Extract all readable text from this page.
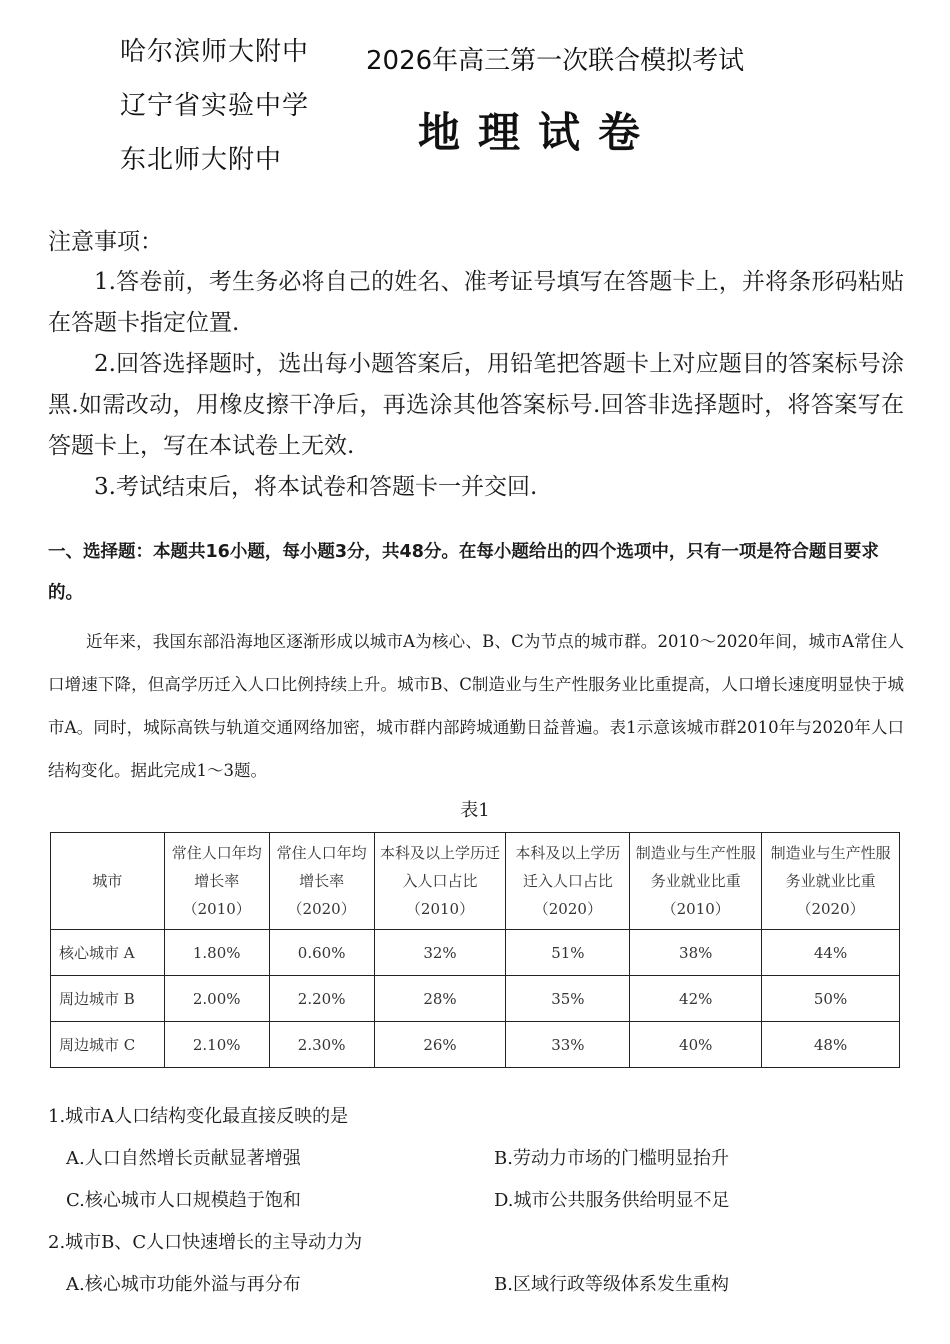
哈尔滨师大附中
辽宁省实验中学
东北师大附中
2026年高三第一次联合模拟考试
地理试卷
注意事项：

1.答卷前，考生务必将自己的姓名、准考证号填写在答题卡上，并将条形码粘贴在答题卡指定位置.

2.回答选择题时，选出每小题答案后，用铅笔把答题卡上对应题目的答案标号涂黑.如需改动，用橡皮擦干净后，再选涂其他答案标号.回答非选择题时，将答案写在答题卡上，写在本试卷上无效.

3.考试结束后，将本试卷和答题卡一并交回.

一、选择题：本题共16小题，每小题3分，共48分。在每小题给出的四个选项中，只有一项是符合题目要求的。

近年来，我国东部沿海地区逐渐形成以城市A为核心、B、C为节点的城市群。2010～2020年间，城市A常住人口增速下降，但高学历迁入人口比例持续上升。城市B、C制造业与生产性服务业比重提高，人口增长速度明显快于城市A。同时，城际高铁与轨道交通网络加密，城市群内部跨城通勤日益普遍。表1示意该城市群2010年与2020年人口结构变化。据此完成1～3题。

表1
城市	常住人口年均增长率（2010）	常住人口年均增长率（2020）	本科及以上学历迁入人口占比（2010）	本科及以上学历迁入人口占比（2020）	制造业与生产性服务业就业比重（2010）	制造业与生产性服务业就业比重（2020）
核心城市 A	1.80%	0.60%	32%	51%	38%	44%
周边城市 B	2.00%	2.20%	28%	35%	42%	50%
周边城市 C	2.10%	2.30%	26%	33%	40%	48%
1.城市A人口结构变化最直接反映的是
A.人口自然增长贡献显著增强	B.劳动力市场的门槛明显抬升
C.核心城市人口规模趋于饱和	D.城市公共服务供给明显不足
2.城市B、C人口快速增长的主导动力为
A.核心城市功能外溢与再分布	B.区域行政等级体系发生重构
